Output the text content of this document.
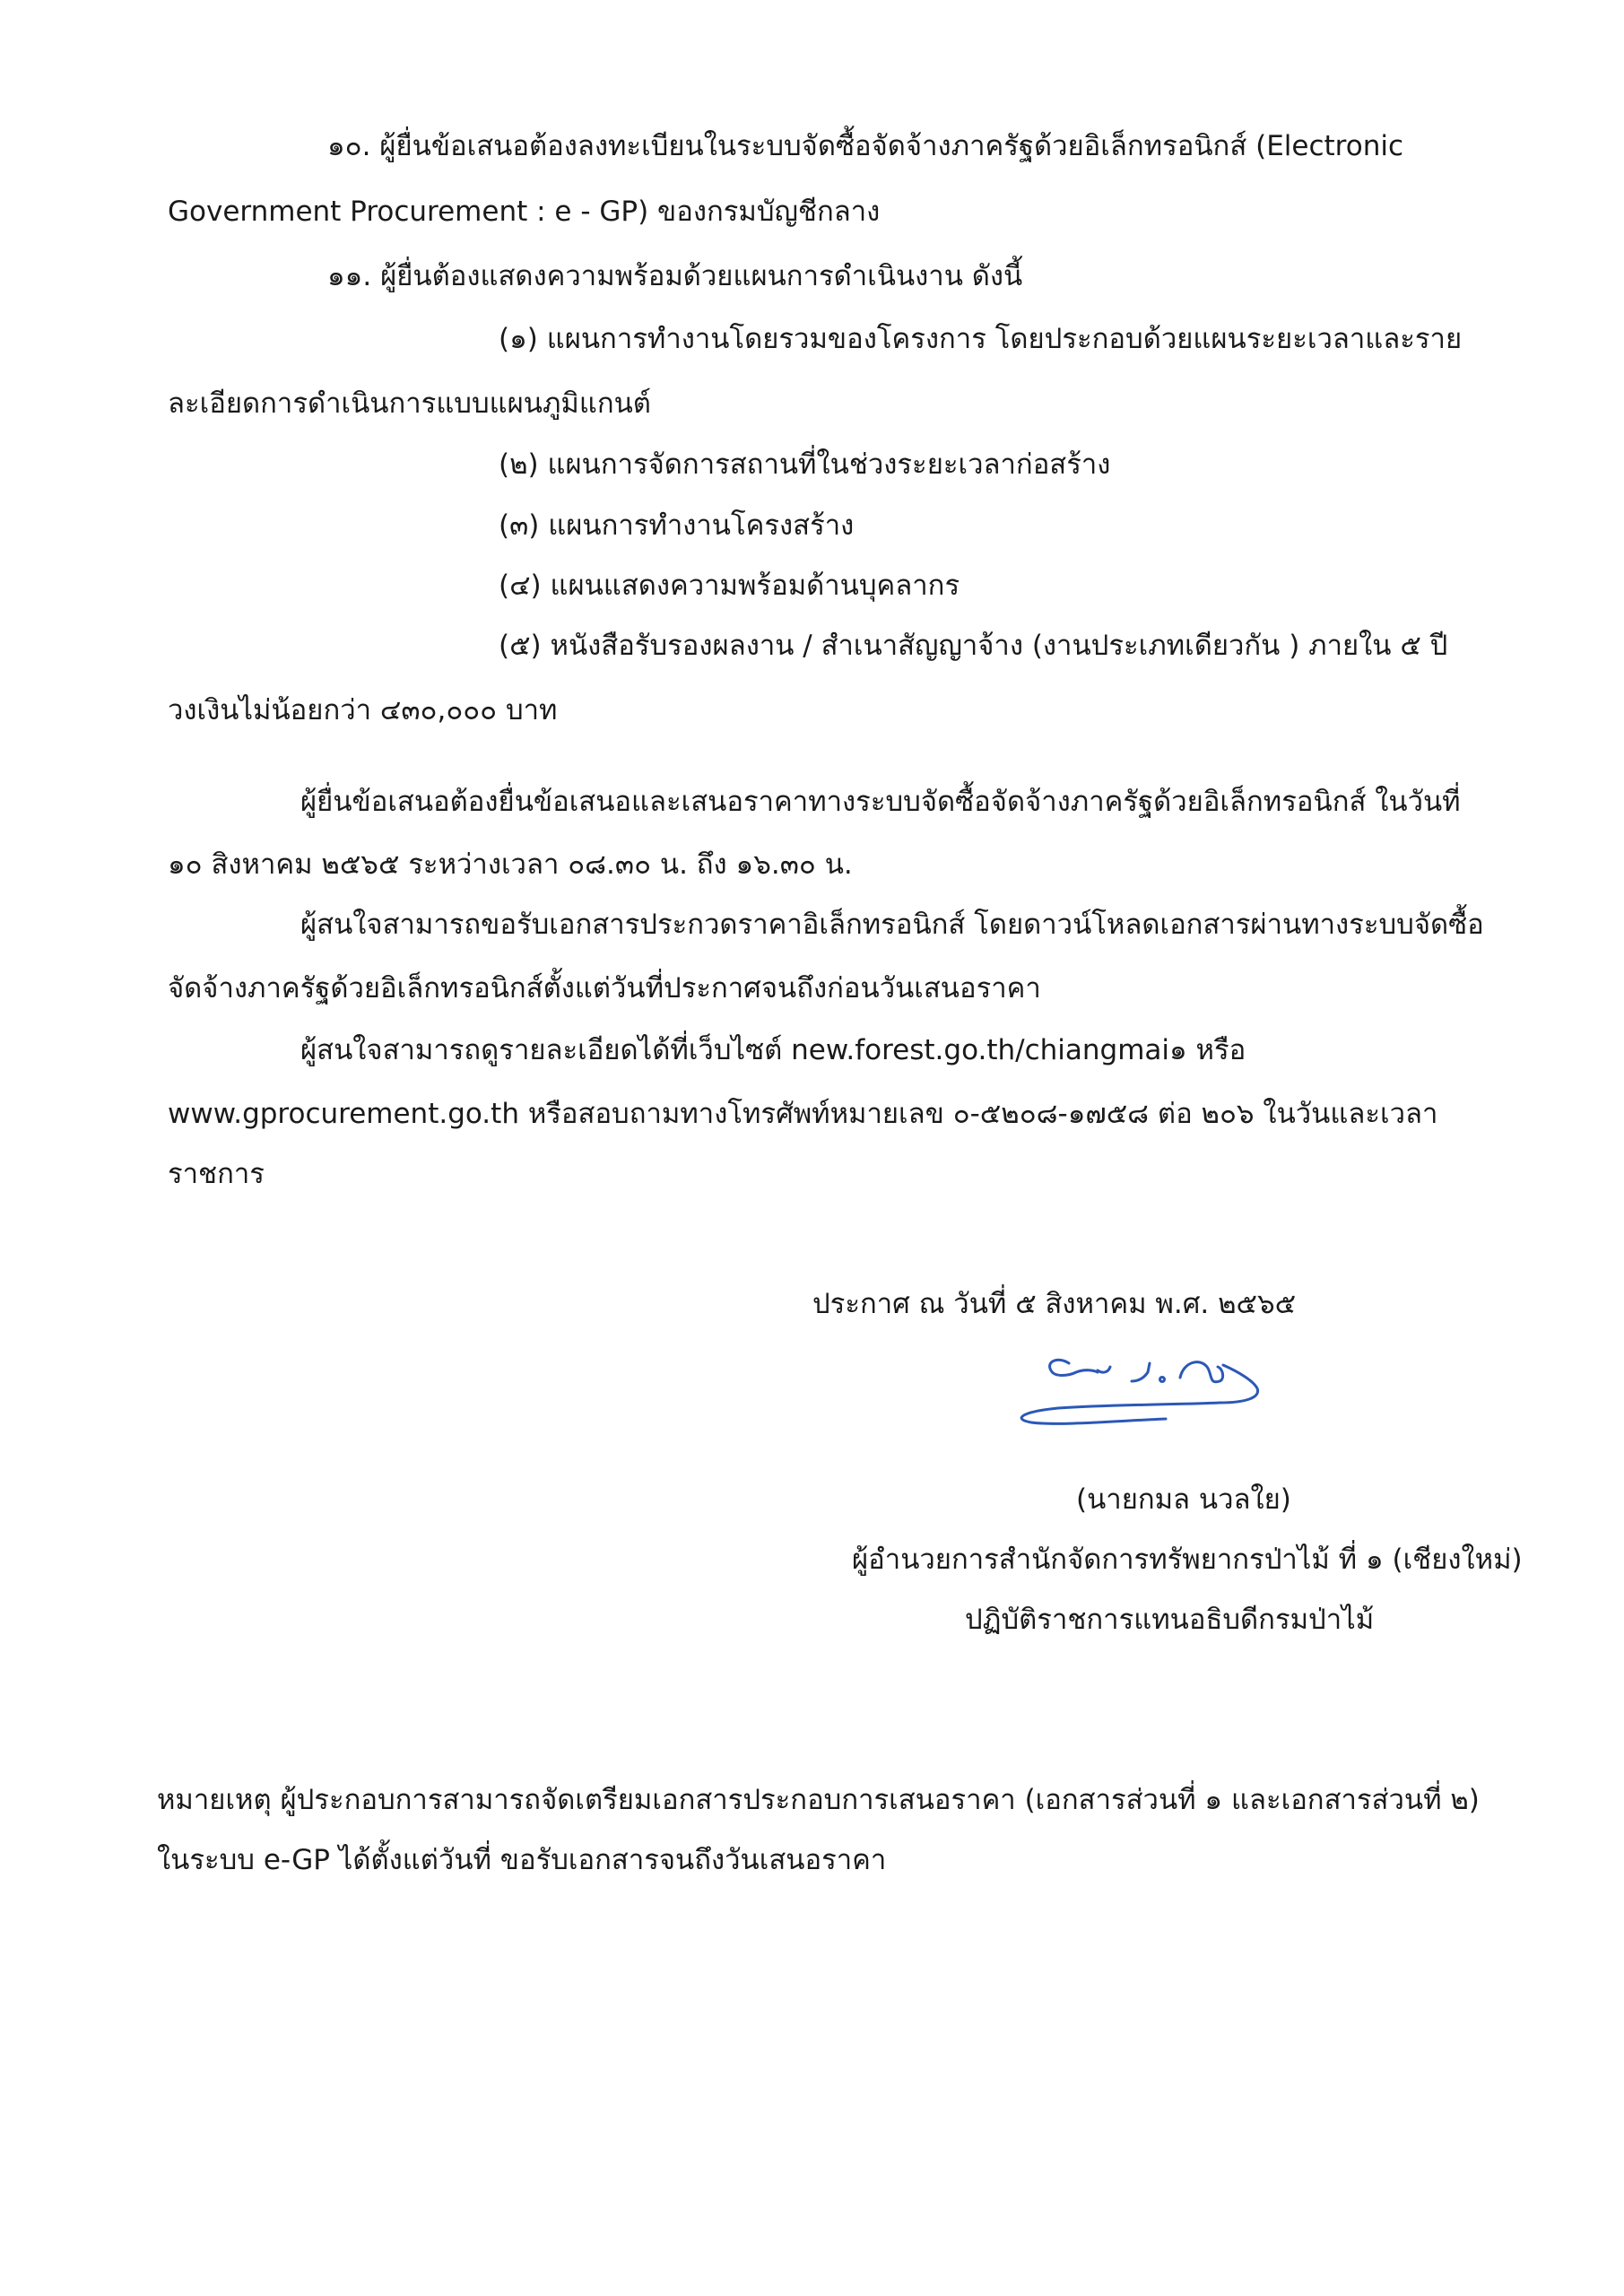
๑๐. ผู้ยื่นข้อเสนอต้องลงทะเบียนในระบบจัดซื้อจัดจ้างภาครัฐด้วยอิเล็กทรอนิกส์ (Electronic
Government Procurement : e - GP) ของกรมบัญชีกลาง
๑๑. ผู้ยื่นต้องแสดงความพร้อมด้วยแผนการดำเนินงาน ดังนี้
(๑) แผนการทำงานโดยรวมของโครงการ โดยประกอบด้วยแผนระยะเวลาและราย
ละเอียดการดำเนินการแบบแผนภูมิแกนต์
(๒) แผนการจัดการสถานที่ในช่วงระยะเวลาก่อสร้าง
(๓) แผนการทำงานโครงสร้าง
(๔) แผนแสดงความพร้อมด้านบุคลากร
(๕) หนังสือรับรองผลงาน / สำเนาสัญญาจ้าง (งานประเภทเดียวกัน ) ภายใน ๕ ปี
วงเงินไม่น้อยกว่า ๔๓๐,๐๐๐ บาท
ผู้ยื่นข้อเสนอต้องยื่นข้อเสนอและเสนอราคาทางระบบจัดซื้อจัดจ้างภาครัฐด้วยอิเล็กทรอนิกส์ ในวันที่
๑๐ สิงหาคม ๒๕๖๕ ระหว่างเวลา ๐๘.๓๐ น. ถึง ๑๖.๓๐ น.
ผู้สนใจสามารถขอรับเอกสารประกวดราคาอิเล็กทรอนิกส์ โดยดาวน์โหลดเอกสารผ่านทางระบบจัดซื้อ
จัดจ้างภาครัฐด้วยอิเล็กทรอนิกส์ตั้งแต่วันที่ประกาศจนถึงก่อนวันเสนอราคา
ผู้สนใจสามารถดูรายละเอียดได้ที่เว็บไซต์ new.forest.go.th/chiangmai๑ หรือ
www.gprocurement.go.th หรือสอบถามทางโทรศัพท์หมายเลข ๐-๕๒๐๘-๑๗๕๘ ต่อ ๒๐๖ ในวันและเวลา
ราชการ
ประกาศ ณ วันที่ ๕ สิงหาคม พ.ศ. ๒๕๖๕
(นายกมล นวลใย)
ผู้อำนวยการสำนักจัดการทรัพยากรป่าไม้ ที่ ๑ (เชียงใหม่)
ปฏิบัติราชการแทนอธิบดีกรมป่าไม้
หมายเหตุ ผู้ประกอบการสามารถจัดเตรียมเอกสารประกอบการเสนอราคา (เอกสารส่วนที่ ๑ และเอกสารส่วนที่ ๒)
ในระบบ e-GP ได้ตั้งแต่วันที่ ขอรับเอกสารจนถึงวันเสนอราคา
